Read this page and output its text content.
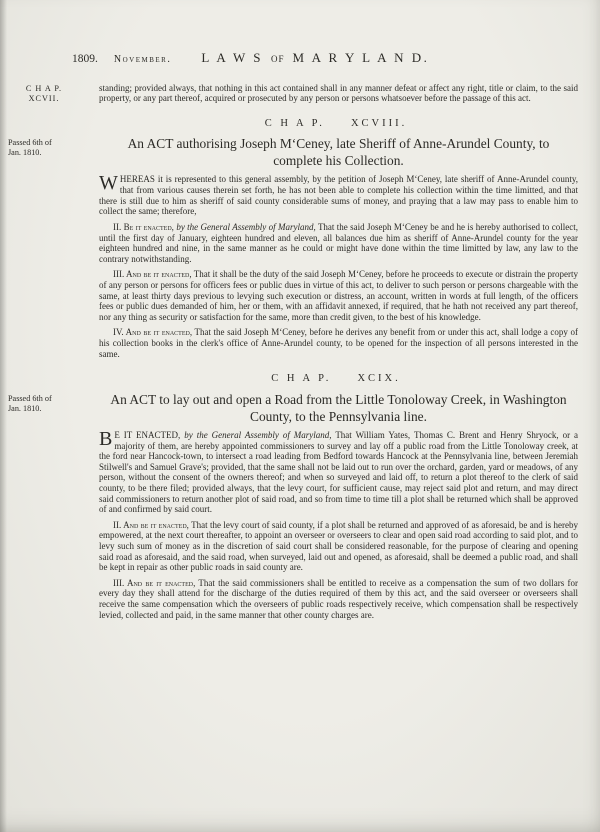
1809. November. L A W S OF M A R Y L A N D.
C H A P.
XCVII.

standing; provided always, that nothing in this act contained shall in any manner defeat or affect any right, title or claim, to the said property, or any part thereof, acquired or prosecuted by any person or persons whatsoever before the passage of this act.

C H A P. XCVIII.
Passed 6th of
Jan. 1810.
An ACT authorising Joseph M‘Ceney, late Sheriff of Anne-Arundel County, to complete his Collection.

WHEREAS it is represented to this general assembly, by the petition of Joseph M‘Ceney, late sheriff of Anne-Arundel county, that from various causes therein set forth, he has not been able to complete his collection within the time limitted, and that there is still due to him as sheriff of said county considerable sums of money, and praying that a law may pass to enable him to collect the same; therefore,

II. Be it enacted, by the General Assembly of Maryland, That the said Joseph M‘Ceney be and he is hereby authorised to collect, until the first day of January, eighteen hundred and eleven, all balances due him as sheriff of Anne-Arundel county for the year eighteen hundred and nine, in the same manner as he could or might have done within the time limitted by law, any law to the contrary notwithstanding.

III. And be it enacted, That it shall be the duty of the said Joseph M‘Ceney, before he proceeds to execute or distrain the property of any person or persons for officers fees or public dues in virtue of this act, to deliver to such person or persons chargeable with the same, at least thirty days previous to levying such execution or distress, an account, written in words at full length, of the officers fees or public dues demanded of him, her or them, with an affidavit annexed, if required, that he hath not received any part thereof, nor any thing as security or satisfaction for the same, more than credit given, to the best of his knowledge.

IV. And be it enacted, That the said Joseph M‘Ceney, before he derives any benefit from or under this act, shall lodge a copy of his collection books in the clerk's office of Anne-Arundel county, to be opened for the inspection of all persons interested in the same.

C H A P. XCIX.
Passed 6th of
Jan. 1810.
An ACT to lay out and open a Road from the Little Tonoloway Creek, in Washington County, to the Pennsylvania line.

B E IT ENACTED, by the General Assembly of Maryland, That William Yates, Thomas C. Brent and Henry Shryock, or a majority of them, are hereby appointed commissioners to survey and lay off a public road from the Little Tonoloway creek, at the ford near Hancock-town, to intersect a road leading from Bedford towards Hancock at the Pennsylvania line, between Jeremiah Stilwell's and Samuel Grave's; provided, that the same shall not be laid out to run over the orchard, garden, yard or meadows, of any person, without the consent of the owners thereof; and when so surveyed and laid off, to return a plot thereof to the clerk of said county, to be there filed; provided always, that the levy court, for sufficient cause, may reject said plot and return, and may direct said commissioners to return another plot of said road, and so from time to time till a plot shall be returned which shall be approved of and confirmed by said court.

II. And be it enacted, That the levy court of said county, if a plot shall be returned and approved of as aforesaid, be and is hereby empowered, at the next court thereafter, to appoint an overseer or overseers to clear and open said road according to said plot, and to levy such sum of money as in the discretion of said court shall be considered reasonable, for the purpose of clearing and opening said road as aforesaid, and the said road, when surveyed, laid out and opened, as aforesaid, shall be deemed a public road, and shall be kept in repair as other public roads in said county are.

III. And be it enacted, That the said commissioners shall be entitled to receive as a compensation the sum of two dollars for every day they shall attend for the discharge of the duties required of them by this act, and the said overseer or overseers shall receive the same compensation which the overseers of public roads respectively receive, which compensation shall be respectively levied, collected and paid, in the same manner that other county charges are.
